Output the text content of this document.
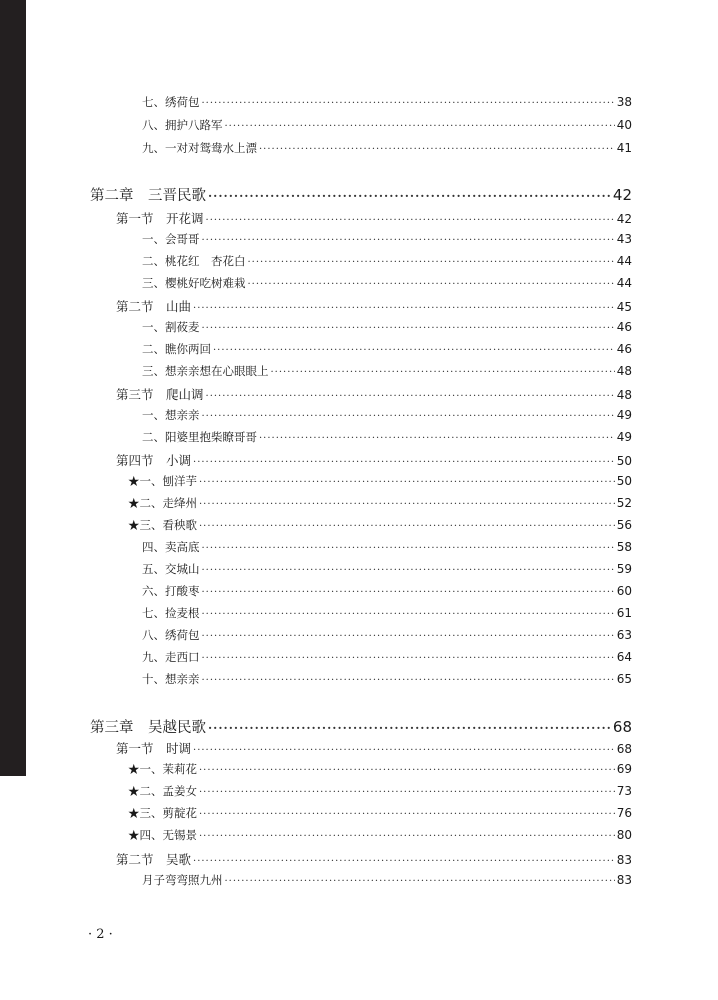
七、绣荷包 ·····	38
八、拥护八路军 ·····	40
九、一对对鸳鸯水上漂 ·····	41
第二章　三晋民歌 ·····	42
第一节　开花调 ·····	42
一、会哥哥 ·····	43
二、桃花红　杏花白 ·····	44
三、樱桃好吃树难栽 ·····	44
第二节　山曲 ·····	45
一、割莜麦 ·····	46
二、瞧你两回 ·····	46
三、想亲亲想在心眼眼上 ·····	48
第三节　爬山调 ·····	48
一、想亲亲 ·····	49
二、阳婆里抱柴瞭哥哥 ·····	49
第四节　小调 ·····	50
★一、刨洋芋 ·····	50
★二、走绛州 ·····	52
★三、看秧歌 ·····	56
四、卖高底 ·····	58
五、交城山 ·····	59
六、打酸枣 ·····	60
七、捡麦根 ·····	61
八、绣荷包 ·····	63
九、走西口 ·····	64
十、想亲亲 ·····	65
第三章　吴越民歌 ·····	68
第一节　时调 ·····	68
★一、茉莉花 ·····	69
★二、孟姜女 ·····	73
★三、剪靛花 ·····	76
★四、无锡景 ·····	80
第二节　吴歌 ·····	83
月子弯弯照九州 ·····	83
· 2 ·
